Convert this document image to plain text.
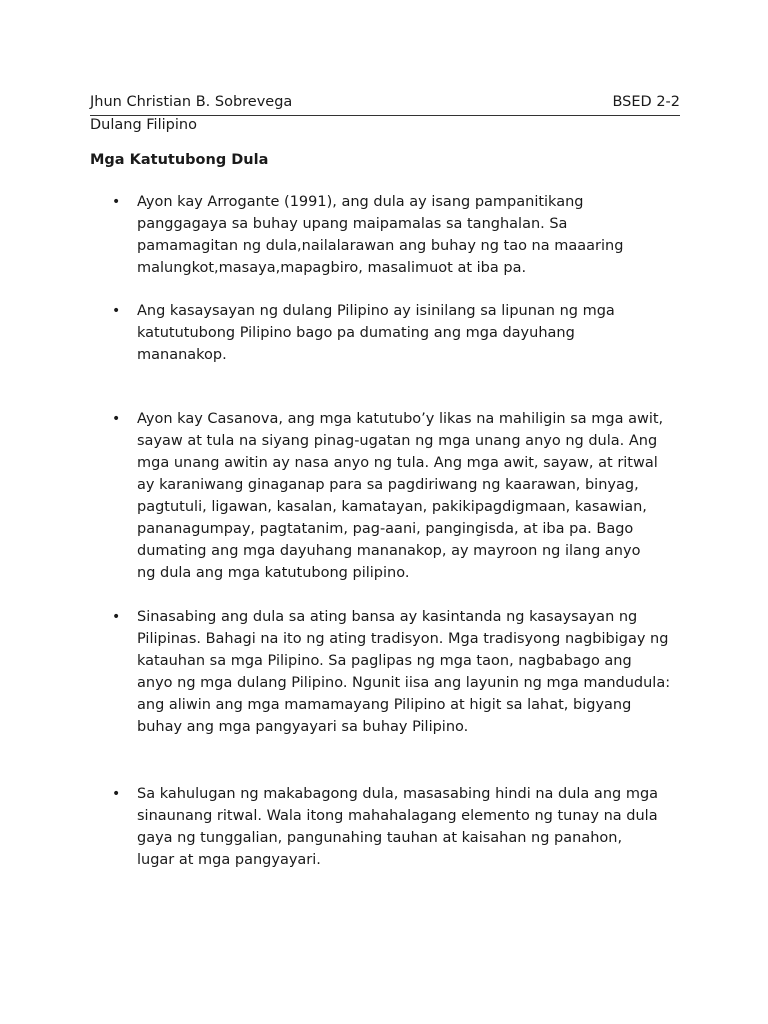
Jhun Christian B. Sobrevega	BSED 2-2
Dulang Filipino
Mga Katutubong Dula
• Ayon kay Arrogante (1991), ang dula ay isang pampanitikang
panggagaya sa buhay upang maipamalas sa tanghalan. Sa
pamamagitan ng dula,nailalarawan ang buhay ng tao na maaaring
malungkot,masaya,mapagbiro, masalimuot at iba pa.
• Ang kasaysayan ng dulang Pilipino ay isinilang sa lipunan ng mga
katututubong Pilipino bago pa dumating ang mga dayuhang
mananakop.
• Ayon kay Casanova, ang mga katutubo’y likas na mahiligin sa mga awit,
sayaw at tula na siyang pinag-ugatan ng mga unang anyo ng dula. Ang
mga unang awitin ay nasa anyo ng tula. Ang mga awit, sayaw, at ritwal
ay karaniwang ginaganap para sa pagdiriwang ng kaarawan, binyag,
pagtutuli, ligawan, kasalan, kamatayan, pakikipagdigmaan, kasawian,
pananagumpay, pagtatanim, pag-aani, pangingisda, at iba pa. Bago
dumating ang mga dayuhang mananakop, ay mayroon ng ilang anyo
ng dula ang mga katutubong pilipino.
• Sinasabing ang dula sa ating bansa ay kasintanda ng kasaysayan ng
Pilipinas. Bahagi na ito ng ating tradisyon. Mga tradisyong nagbibigay ng
katauhan sa mga Pilipino. Sa paglipas ng mga taon, nagbabago ang
anyo ng mga dulang Pilipino. Ngunit iisa ang layunin ng mga mandudula:
ang aliwin ang mga mamamayang Pilipino at higit sa lahat, bigyang
buhay ang mga pangyayari sa buhay Pilipino.
• Sa kahulugan ng makabagong dula, masasabing hindi na dula ang mga
sinaunang ritwal. Wala itong mahahalagang elemento ng tunay na dula
gaya ng tunggalian, pangunahing tauhan at kaisahan ng panahon,
lugar at mga pangyayari.
